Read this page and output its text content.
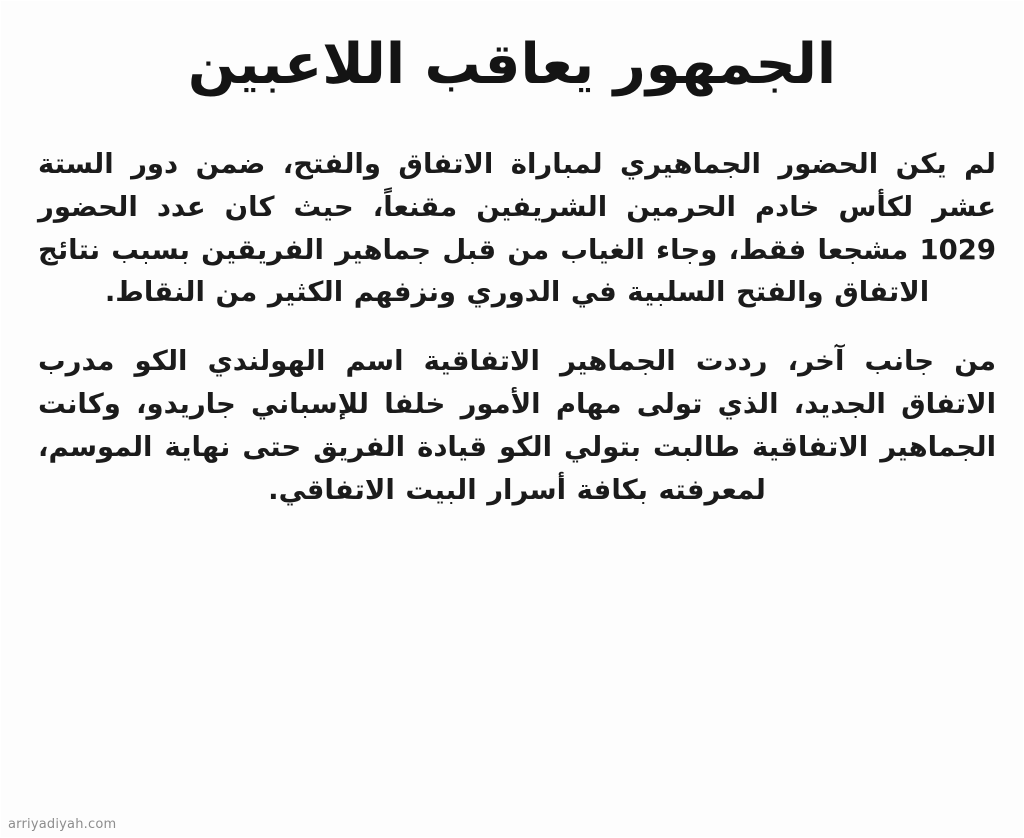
الجمهور يعاقب اللاعبين

لم يكن الحضور الجماهيري لمباراة الاتفاق والفتح، ضمن دور الستة عشر لكأس خادم الحرمين الشريفين مقنعاً، حيث كان عدد الحضور 1029 مشجعا فقط، وجاء الغياب من قبل جماهير الفريقين بسبب نتائج الاتفاق والفتح السلبية في الدوري ونزفهم الكثير من النقاط.

من جانب آخر، رددت الجماهير الاتفاقية اسم الهولندي الكو مدرب الاتفاق الجديد، الذي تولى مهام الأمور خلفا للإسباني جاريدو، وكانت الجماهير الاتفاقية طالبت بتولي الكو قيادة الفريق حتى نهاية الموسم، لمعرفته بكافة أسرار البيت الاتفاقي.

arriyadiyah.com
